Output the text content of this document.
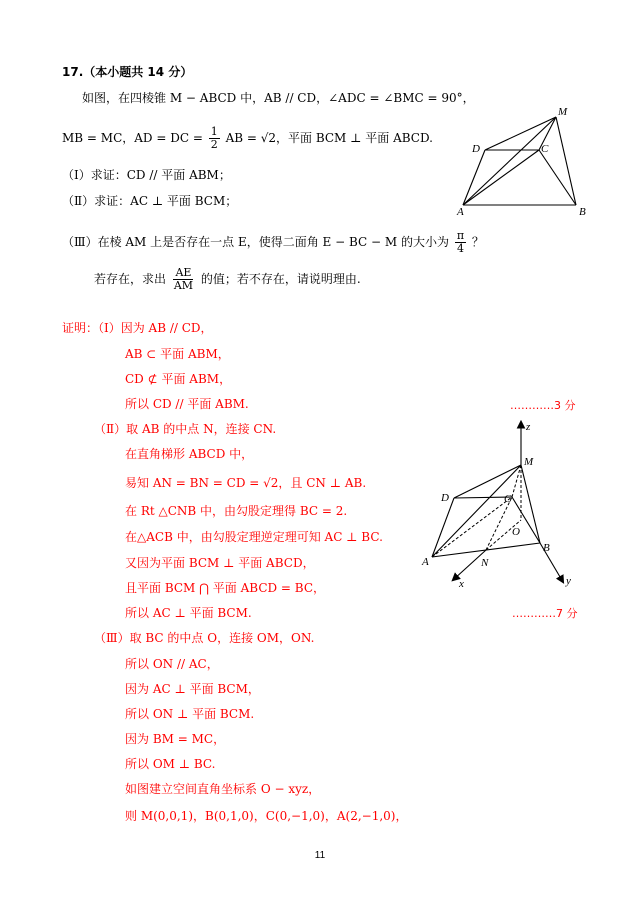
17.（本小题共 14 分）
如图，在四棱锥 M − ABCD 中，AB // CD，∠ADC = ∠BMC = 90°，
MB = MC，AD = DC = $\frac{1}{2}$ AB = √2，平面 BCM ⊥ 平面 ABCD.
（Ⅰ）求证：CD // 平面 ABM；
（Ⅱ）求证：AC ⊥ 平面 BCM；
（Ⅲ）在棱 AM 上是否存在一点 E，使得二面角 E − BC − M 的大小为 $\frac{\pi}{4}$ ？
若存在，求出 $\frac{AE}{AM}$ 的值；若不存在，请说明理由.
M
D	C
A	B
证明：（Ⅰ）因为 AB // CD，
AB ⊂ 平面 ABM，
CD ⊄ 平面 ABM，
所以 CD // 平面 ABM.	…………3 分
（Ⅱ）取 AB 的中点 N，连接 CN.
在直角梯形 ABCD 中，
易知 AN = BN = CD = √2，且 CN ⊥ AB.
在 Rt △CNB 中，由勾股定理得 BC = 2.
在△ACB 中，由勾股定理逆定理可知 AC ⊥ BC.
又因为平面 BCM ⊥ 平面 ABCD，
且平面 BCM ⋂ 平面 ABCD = BC，
所以 AC ⊥ 平面 BCM.	…………7 分
（Ⅲ）取 BC 的中点 O，连接 OM，ON.
所以 ON // AC，
因为 AC ⊥ 平面 BCM，
所以 ON ⊥ 平面 BCM.
因为 BM = MC，
所以 OM ⊥ BC.
如图建立空间直角坐标系 O − xyz，
则 M(0,0,1)，B(0,1,0)，C(0,−1,0)，A(2,−1,0)，
z
M
D	C
O
B
A	N
x	y
11
